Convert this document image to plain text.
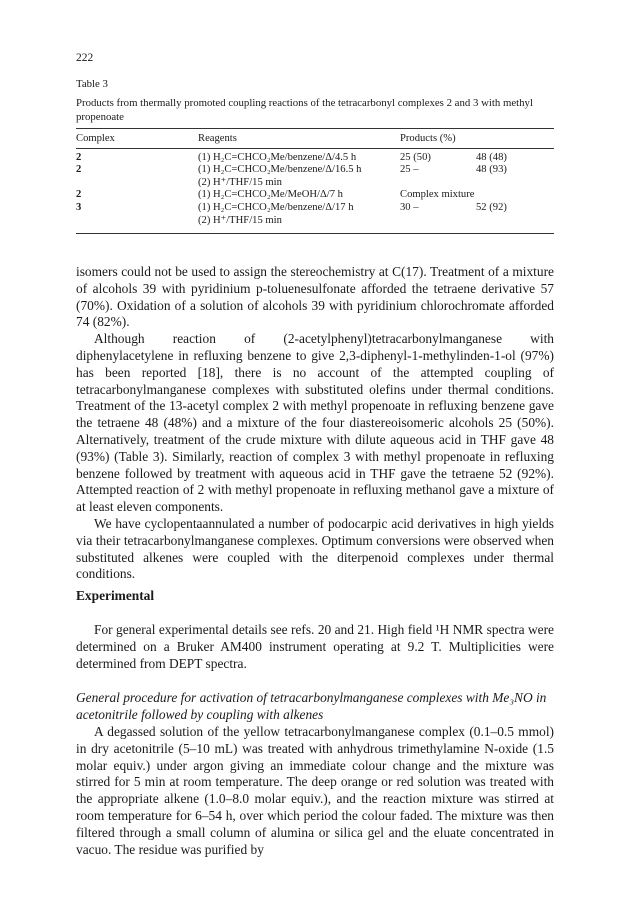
222
Table 3
Products from thermally promoted coupling reactions of the tetracarbonyl complexes 2 and 3 with methyl propenoate
Complex	Reagents	Products (%)
2	(1) H₂C=CHCO₂Me/benzene/Δ/4.5 h	25 (50) 48 (48)
2	(1) H₂C=CHCO₂Me/benzene/Δ/16.5 h
(2) H⁺/THF/15 min	25 – 48 (93)
2	(1) H₂C=CHCO₂Me/MeOH/Δ/7 h	Complex mixture
3	(1) H₂C=CHCO₂Me/benzene/Δ/17 h
(2) H⁺/THF/15 min	30 – 52 (92)

isomers could not be used to assign the stereochemistry at C(17). Treatment of a mixture of alcohols 39 with pyridinium p-toluenesulfonate afforded the tetraene derivative 57 (70%). Oxidation of a solution of alcohols 39 with pyridinium chlorochromate afforded 74 (82%).

Although reaction of (2-acetylphenyl)tetracarbonylmanganese with diphenylacetylene in refluxing benzene to give 2,3-diphenyl-1-methylinden-1-ol (97%) has been reported [18], there is no account of the attempted coupling of tetracarbonylmanganese complexes with substituted olefins under thermal conditions. Treatment of the 13-acetyl complex 2 with methyl propenoate in refluxing benzene gave the tetraene 48 (48%) and a mixture of the four diastereoisomeric alcohols 25 (50%). Alternatively, treatment of the crude mixture with dilute aqueous acid in THF gave 48 (93%) (Table 3). Similarly, reaction of complex 3 with methyl propenoate in refluxing benzene followed by treatment with aqueous acid in THF gave the tetraene 52 (92%). Attempted reaction of 2 with methyl propenoate in refluxing methanol gave a mixture of at least eleven components.

We have cyclopentaannulated a number of podocarpic acid derivatives in high yields via their tetracarbonylmanganese complexes. Optimum conversions were observed when substituted alkenes were coupled with the diterpenoid complexes under thermal conditions.

Experimental

For general experimental details see refs. 20 and 21. High field ¹H NMR spectra were determined on a Bruker AM400 instrument operating at 9.2 T. Multiplicities were determined from DEPT spectra.

General procedure for activation of tetracarbonylmanganese complexes with Me₃NO in acetonitrile followed by coupling with alkenes

A degassed solution of the yellow tetracarbonylmanganese complex (0.1–0.5 mmol) in dry acetonitrile (5–10 mL) was treated with anhydrous trimethylamine N-oxide (1.5 molar equiv.) under argon giving an immediate colour change and the mixture was stirred for 5 min at room temperature. The deep orange or red solution was treated with the appropriate alkene (1.0–8.0 molar equiv.), and the reaction mixture was stirred at room temperature for 6–54 h, over which period the colour faded. The mixture was then filtered through a small column of alumina or silica gel and the eluate concentrated in vacuo. The residue was purified by
